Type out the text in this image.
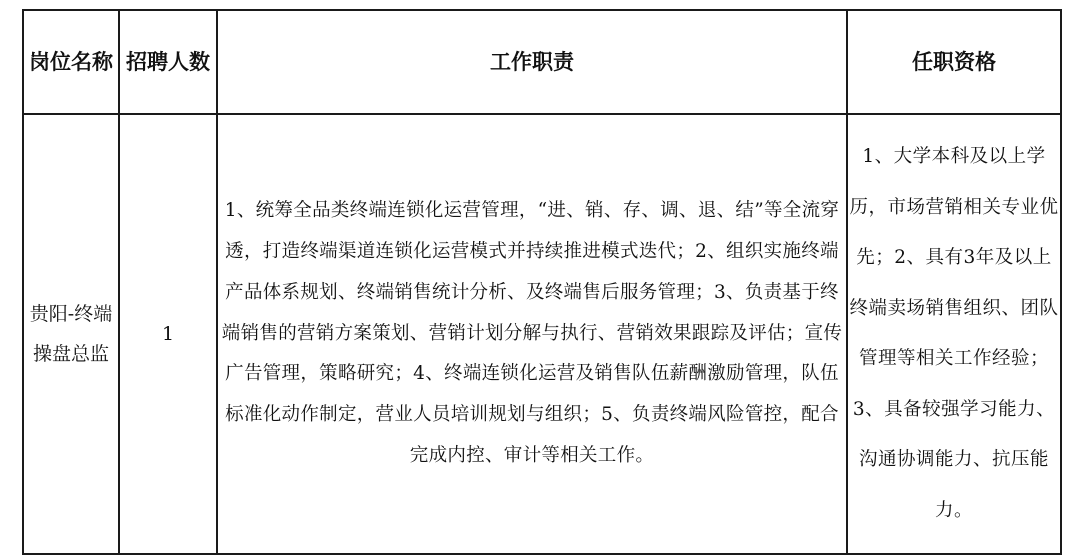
岗位名称	招聘人数	工作职责	任职资格
贵阳-终端操盘总监	1	1、统筹全品类终端连锁化运营管理，“进、销、存、调、退、结”等全流穿透，打造终端渠道连锁化运营模式并持续推进模式迭代；2、组织实施终端产品体系规划、终端销售统计分析、及终端售后服务管理；3、负责基于终端销售的营销方案策划、营销计划分解与执行、营销效果跟踪及评估；宣传广告管理，策略研究；4、终端连锁化运营及销售队伍薪酬激励管理，队伍标准化动作制定，营业人员培训规划与组织；5、负责终端风险管控，配合完成内控、审计等相关工作。	1、大学本科及以上学历，市场营销相关专业优先；2、具有3年及以上终端卖场销售组织、团队管理等相关工作经验；3、具备较强学习能力、沟通协调能力、抗压能力。
